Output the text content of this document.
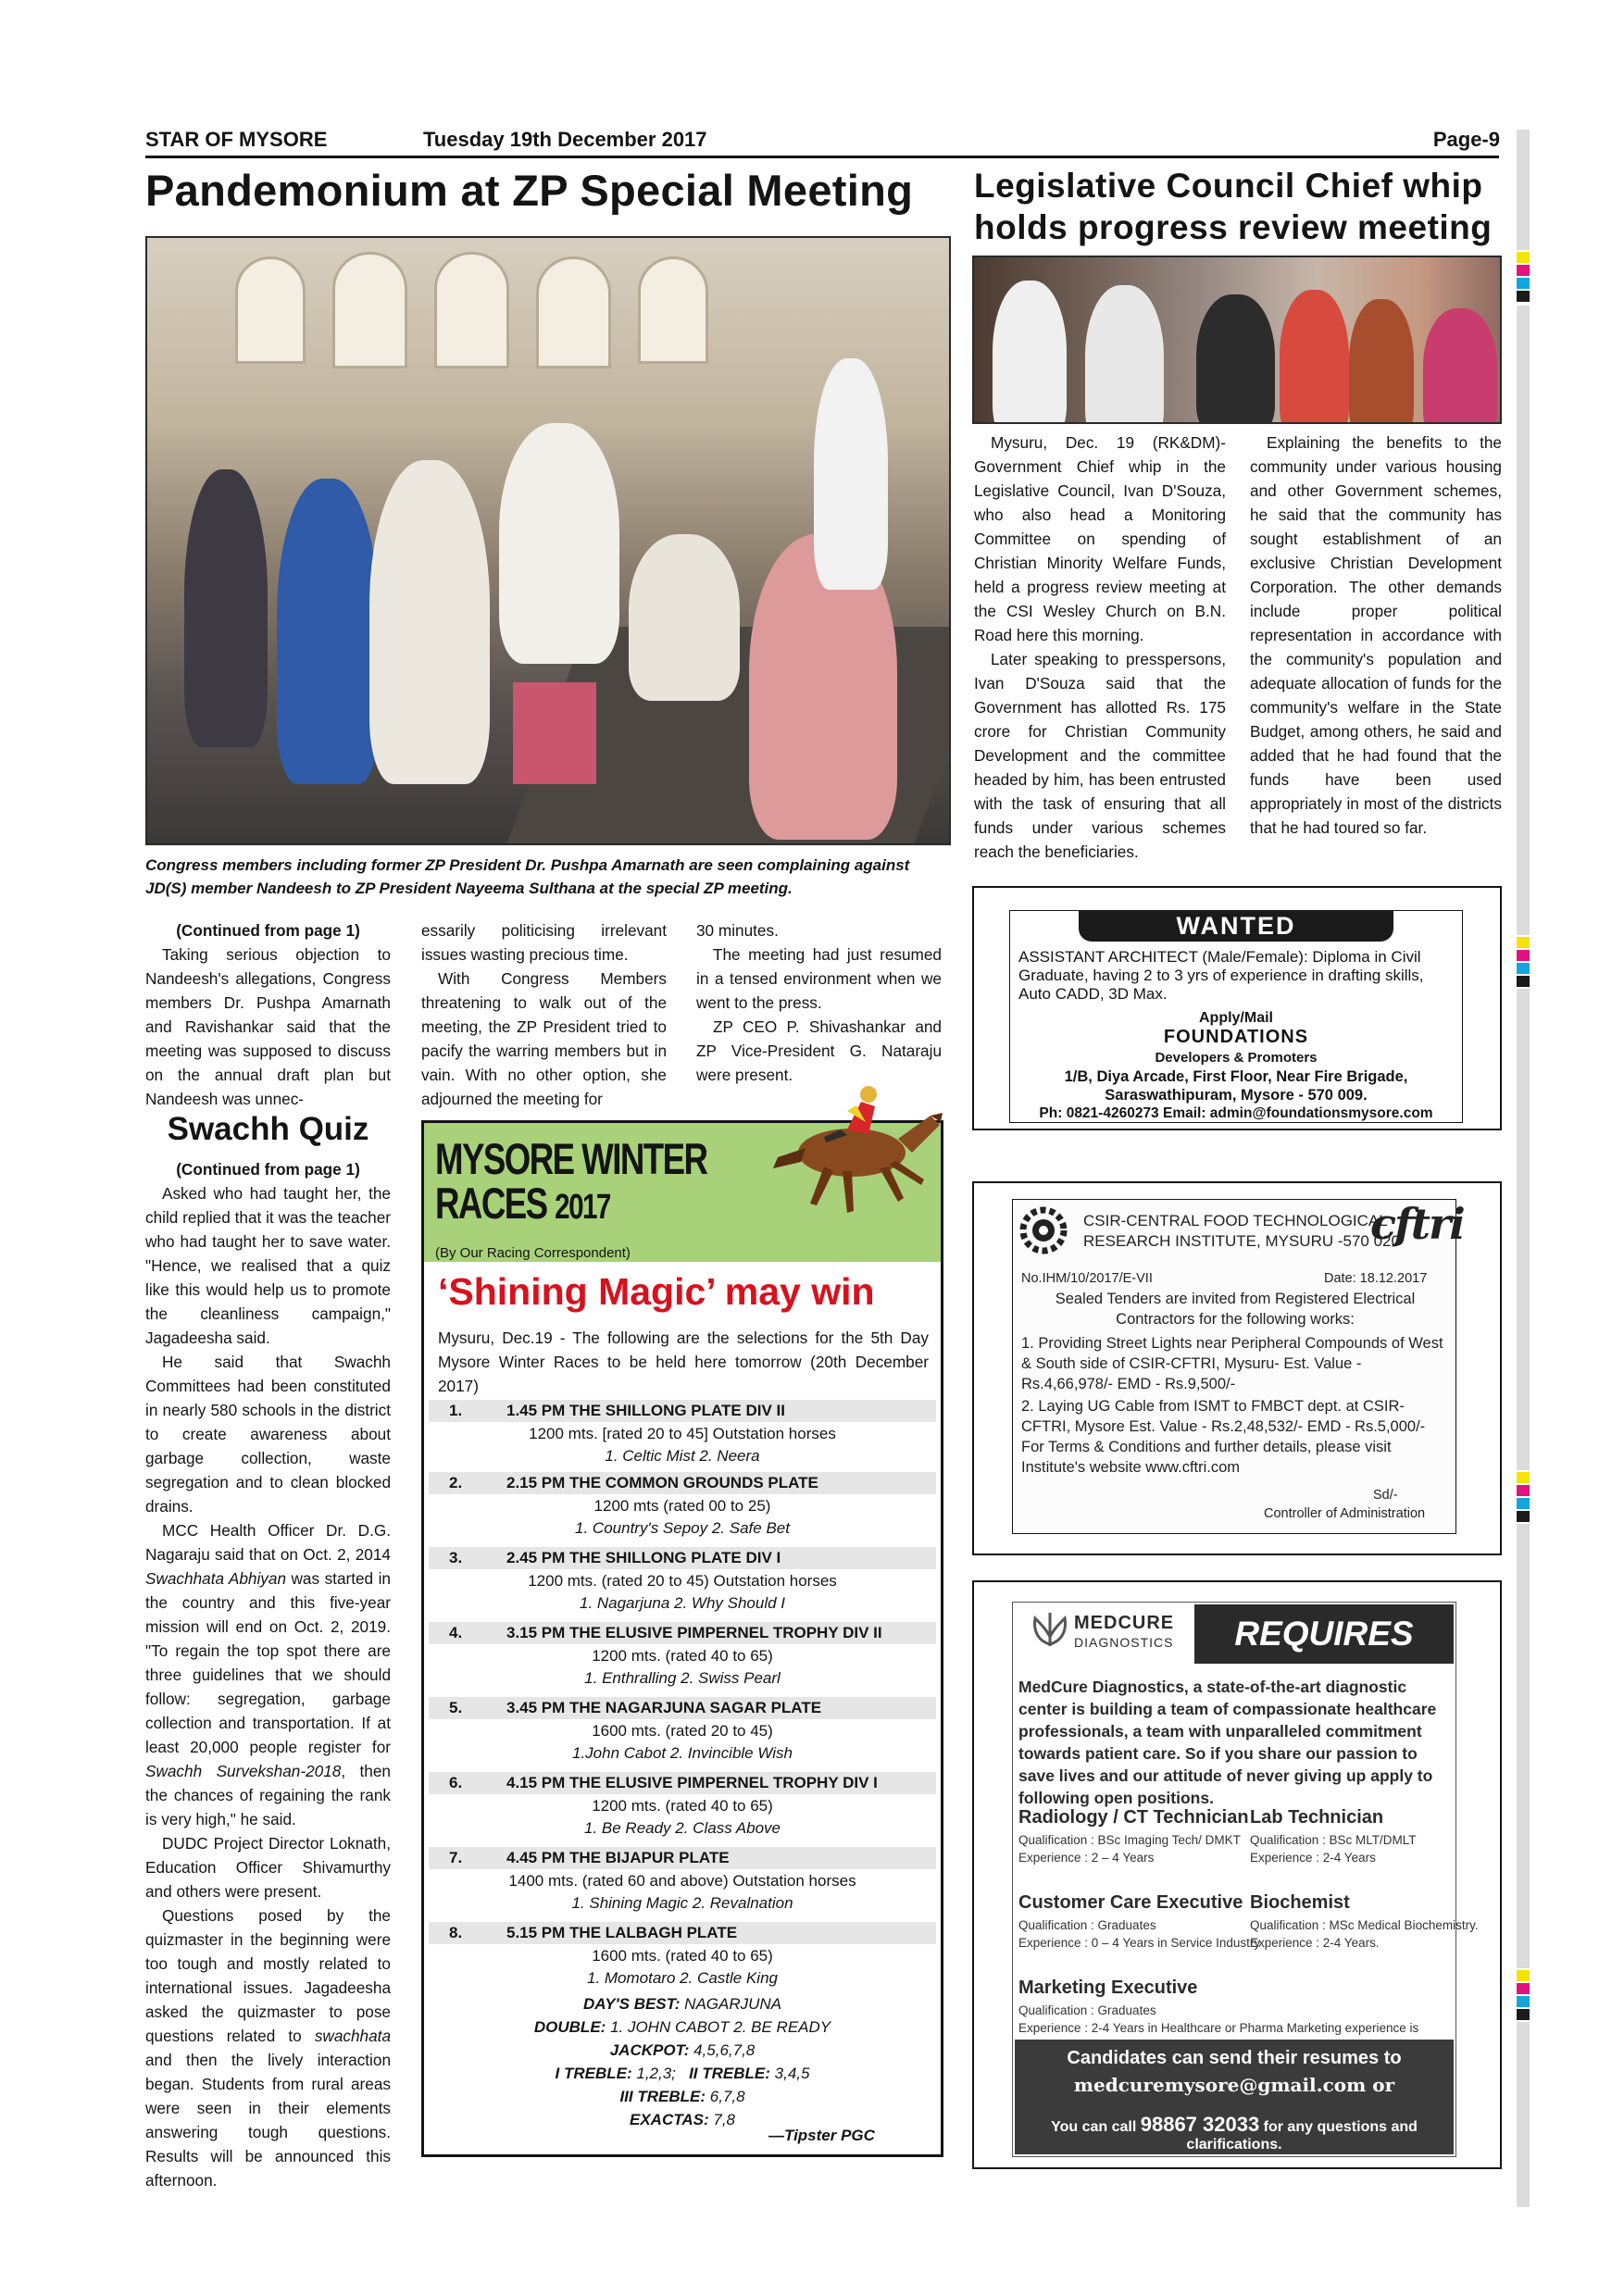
STAR OF MYSORE	Tuesday 19th December 2017	Page-9
Pandemonium at ZP Special Meeting	Legislative Council Chief whip holds progress review meeting
Congress members including former ZP President Dr. Pushpa Amarnath are seen complaining against JD(S) member Nandeesh to ZP President Nayeema Sulthana at the special ZP meeting.
(Continued from page 1)

Taking serious objection to Nandeesh's allegations, Congress members Dr. Pushpa Amarnath and Ravishankar said that the meeting was supposed to discuss on the annual draft plan but Nandeesh was unnec-

essarily politicising irrelevant issues wasting precious time.

With Congress Members threatening to walk out of the meeting, the ZP President tried to pacify the warring members but in vain. With no other option, she adjourned the meeting for

30 minutes.

The meeting had just resumed in a tensed environment when we went to the press.

ZP CEO P. Shivashankar and ZP Vice-President G. Nataraju were present.

Swachh Quiz
(Continued from page 1)

Asked who had taught her, the child replied that it was the teacher who had taught her to save water. "Hence, we realised that a quiz like this would help us to promote the cleanliness campaign," Jagadeesha said.

He said that Swachh Committees had been constituted in nearly 580 schools in the district to create awareness about garbage collection, waste segregation and to clean blocked drains.

MCC Health Officer Dr. D.G. Nagaraju said that on Oct. 2, 2014 Swachhata Abhiyan was started in the country and this five-year mission will end on Oct. 2, 2019. "To regain the top spot there are three guidelines that we should follow: segregation, garbage collection and transportation. If at least 20,000 people register for Swachh Survekshan-2018, then the chances of regaining the rank is very high," he said.

DUDC Project Director Loknath, Education Officer Shivamurthy and others were present.

Questions posed by the quizmaster in the beginning were too tough and mostly related to international issues. Jagadeesha asked the quizmaster to pose questions related to swachhata and then the lively interaction began. Students from rural areas were seen in their elements answering tough questions. Results will be announced this afternoon.

Mysuru, Dec. 19 (RK&DM)- Government Chief whip in the Legislative Council, Ivan D'Souza, who also head a Monitoring Committee on spending of Christian Minority Welfare Funds, held a progress review meeting at the CSI Wesley Church on B.N. Road here this morning.

Later speaking to presspersons, Ivan D'Souza said that the Government has allotted Rs. 175 crore for Christian Community Development and the committee headed by him, has been entrusted with the task of ensuring that all funds under various schemes reach the beneficiaries.

Explaining the benefits to the community under various housing and other Government schemes, he said that the community has sought establishment of an exclusive Christian Development Corporation. The other demands include proper political representation in accordance with the community's population and adequate allocation of funds for the community's welfare in the State Budget, among others, he said and added that he had found that the funds have been used appropriately in most of the districts that he had toured so far.

MYSORE WINTER
RACES 2017
(By Our Racing Correspondent)
‘Shining Magic’ may win
Mysuru, Dec.19 - The following are the selections for the 5th Day Mysore Winter Races to be held here tomorrow (20th December 2017)
1.	1.45 PM THE SHILLONG PLATE DIV II
1200 mts. [rated 20 to 45] Outstation horses
1. Celtic Mist 2. Neera
2.	2.15 PM THE COMMON GROUNDS PLATE
1200 mts (rated 00 to 25)
1. Country's Sepoy 2. Safe Bet
3.	2.45 PM THE SHILLONG PLATE DIV I
1200 mts. (rated 20 to 45) Outstation horses
1. Nagarjuna 2. Why Should I
4.	3.15 PM THE ELUSIVE PIMPERNEL TROPHY DIV II
1200 mts. (rated 40 to 65)
1. Enthralling 2. Swiss Pearl
5.	3.45 PM THE NAGARJUNA SAGAR PLATE
1600 mts. (rated 20 to 45)
1.John Cabot 2. Invincible Wish
6.	4.15 PM THE ELUSIVE PIMPERNEL TROPHY DIV I
1200 mts. (rated 40 to 65)
1. Be Ready 2. Class Above
7.	4.45 PM THE BIJAPUR PLATE
1400 mts. (rated 60 and above) Outstation horses
1. Shining Magic 2. Revalnation
8.	5.15 PM THE LALBAGH PLATE
1600 mts. (rated 40 to 65)
1. Momotaro 2. Castle King
DAY'S BEST: NAGARJUNA
DOUBLE: 1. JOHN CABOT 2. BE READY
JACKPOT: 4,5,6,7,8
I TREBLE: 1,2,3; II TREBLE: 3,4,5
III TREBLE: 6,7,8
EXACTAS: 7,8
—Tipster PGC
WANTED
ASSISTANT ARCHITECT (Male/Female): Diploma in Civil Graduate, having 2 to 3 yrs of experience in drafting skills, Auto CADD, 3D Max.
Apply/Mail
FOUNDATIONS
Developers & Promoters
1/B, Diya Arcade, First Floor, Near Fire Brigade,
Saraswathipuram, Mysore - 570 009.
Ph: 0821-4260273 Email: admin@foundationsmysore.com
CSIR-CENTRAL FOOD TECHNOLOGICAL
RESEARCH INSTITUTE, MYSURU -570 020
cftri
No.IHM/10/2017/E-VII	Date: 18.12.2017
Sealed Tenders are invited from Registered Electrical Contractors for the following works:
1. Providing Street Lights near Peripheral Compounds of West & South side of CSIR-CFTRI, Mysuru- Est. Value - Rs.4,66,978/- EMD - Rs.9,500/-
2. Laying UG Cable from ISMT to FMBCT dept. at CSIR-CFTRI, Mysore Est. Value - Rs.2,48,532/- EMD - Rs.5,000/- For Terms & Conditions and further details, please visit Institute's website www.cftri.com
Sd/-
Controller of Administration
MEDCURE
DIAGNOSTICS	REQUIRES
MedCure Diagnostics, a state-of-the-art diagnostic center is building a team of compassionate healthcare professionals, a team with unparalleled commitment towards patient care. So if you share our passion to save lives and our attitude of never giving up apply to following open positions.
Radiology / CT Technician
Qualification : BSc Imaging Tech/ DMKT
Experience : 2 – 4 Years
Lab Technician
Qualification : BSc MLT/DMLT
Experience : 2-4 Years
Customer Care Executive
Qualification : Graduates
Experience : 0 – 4 Years in Service Industry
Biochemist
Qualification : MSc Medical Biochemistry.
Experience : 2-4 Years.
Marketing Executive
Qualification : Graduates
Experience : 2-4 Years in Healthcare or Pharma Marketing experience is
Candidates can send their resumes to
medcuremysore@gmail.com or
You can call 98867 32033 for any questions and clarifications.
